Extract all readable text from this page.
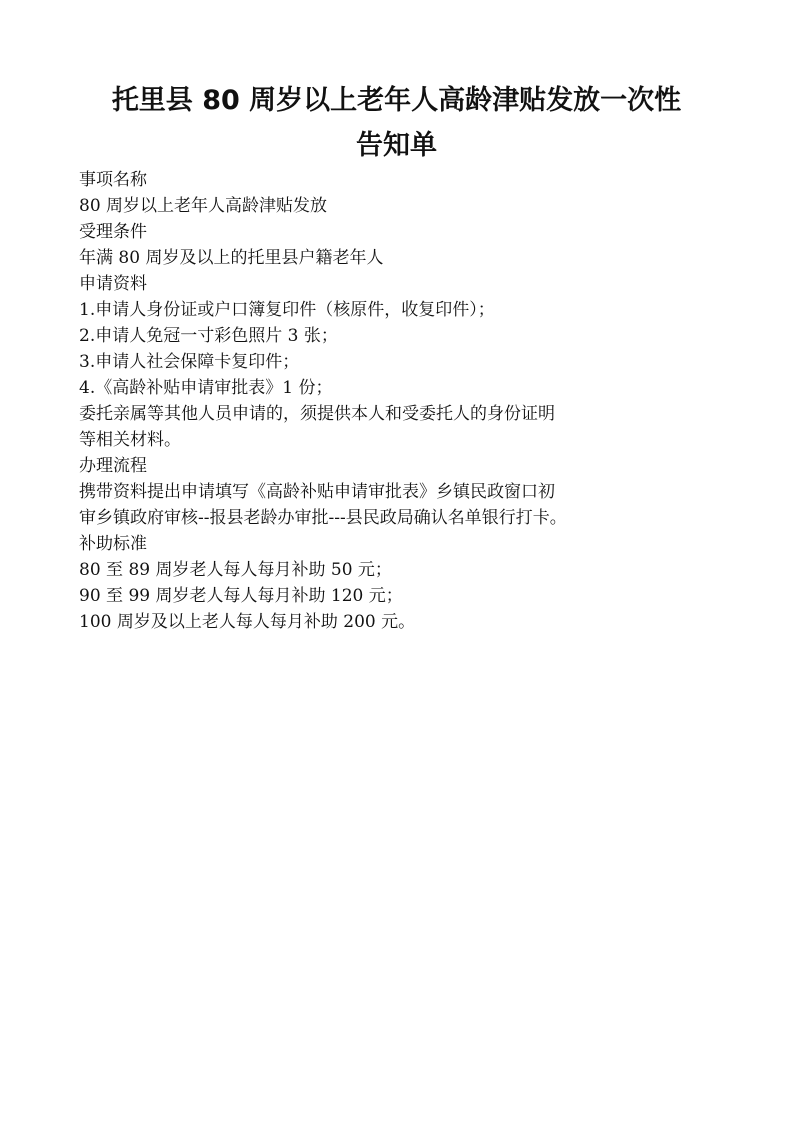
托里县 80 周岁以上老年人高龄津贴发放一次性
告知单

事项名称

80 周岁以上老年人高龄津贴发放

受理条件

年满 80 周岁及以上的托里县户籍老年人

申请资料

1.申请人身份证或户口簿复印件（核原件，收复印件）；

2.申请人免冠一寸彩色照片 3 张；

3.申请人社会保障卡复印件；

4.《高龄补贴申请审批表》1 份；

委托亲属等其他人员申请的，须提供本人和受委托人的身份证明

等相关材料。

办理流程

携带资料提出申请填写《高龄补贴申请审批表》乡镇民政窗口初

审乡镇政府审核--报县老龄办审批---县民政局确认名单银行打卡。

补助标准

80 至 89 周岁老人每人每月补助 50 元；

90 至 99 周岁老人每人每月补助 120 元；

100 周岁及以上老人每人每月补助 200 元。
